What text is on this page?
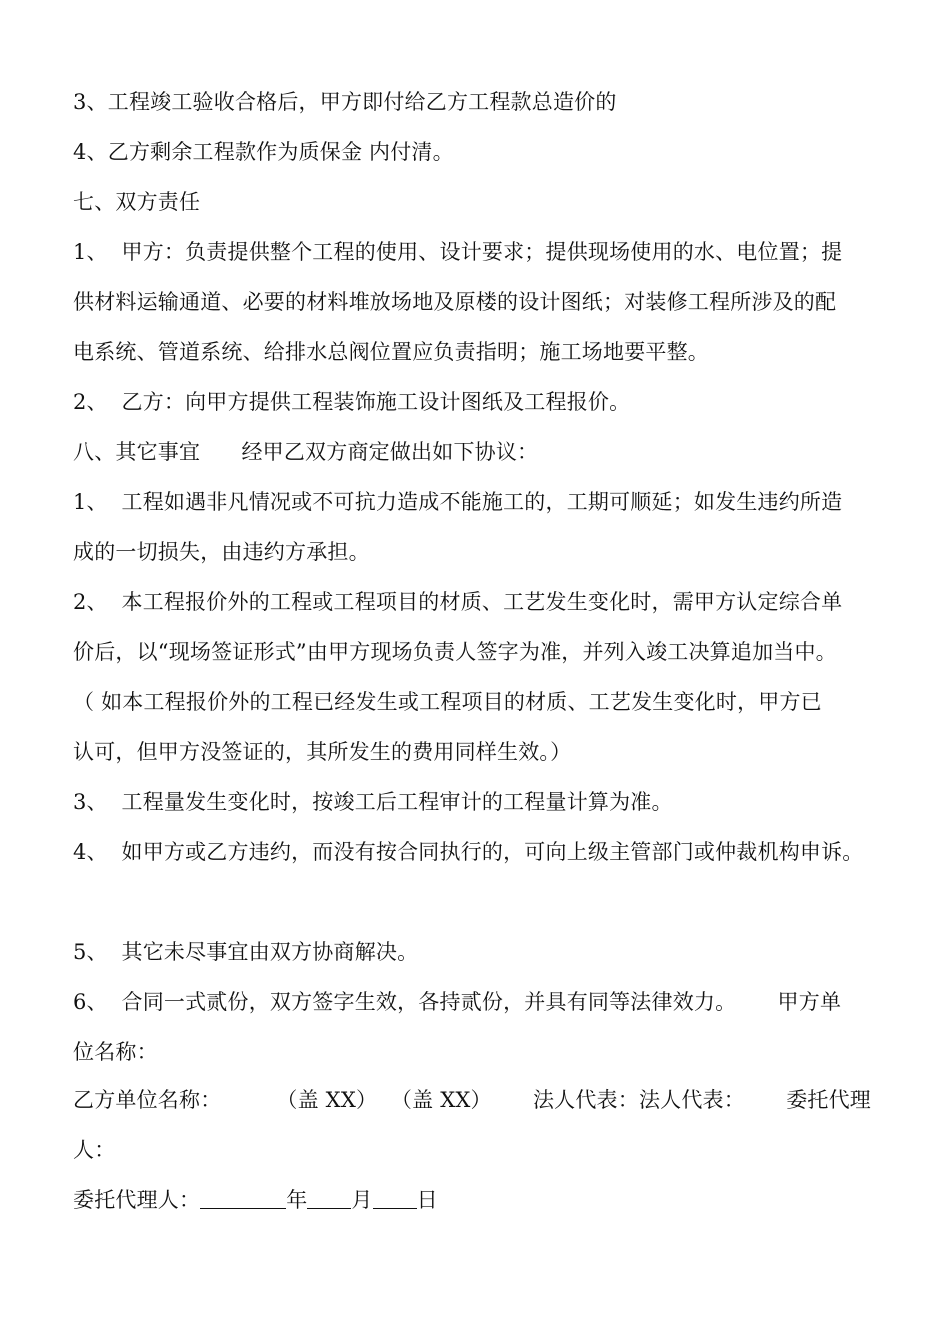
3、工程竣工验收合格后，甲方即付给乙方工程款总造价的
4、乙方剩余工程款作为质保金 内付清。
七、双方责任
1、  甲方：负责提供整个工程的使用、设计要求；提供现场使用的水、电位置；提
供材料运输通道、必要的材料堆放场地及原楼的设计图纸；对装修工程所涉及的配
电系统、管道系统、给排水总阀位置应负责指明；施工场地要平整。
2、  乙方：向甲方提供工程装饰施工设计图纸及工程报价。
八、其它事宜      经甲乙双方商定做出如下协议：
1、  工程如遇非凡情况或不可抗力造成不能施工的，工期可顺延；如发生违约所造
成的一切损失，由违约方承担。
2、  本工程报价外的工程或工程项目的材质、工艺发生变化时，需甲方认定综合单
价后，以“现场签证形式”由甲方现场负责人签字为准，并列入竣工决算追加当中。
（ 如本工程报价外的工程已经发生或工程项目的材质、工艺发生变化时，甲方已
认可，但甲方没签证的，其所发生的费用同样生效。）
3、  工程量发生变化时，按竣工后工程审计的工程量计算为准。
4、  如甲方或乙方违约，而没有按合同执行的，可向上级主管部门或仲裁机构申诉。
5、  其它未尽事宜由双方协商解决。
6、  合同一式贰份，双方签字生效，各持贰份，并具有同等法律效力。      甲方单
位名称：
乙方单位名称：        （盖 XX）  （盖 XX）      法人代表：法人代表：      委托代理
人：
委托代理人：	年 月 日
